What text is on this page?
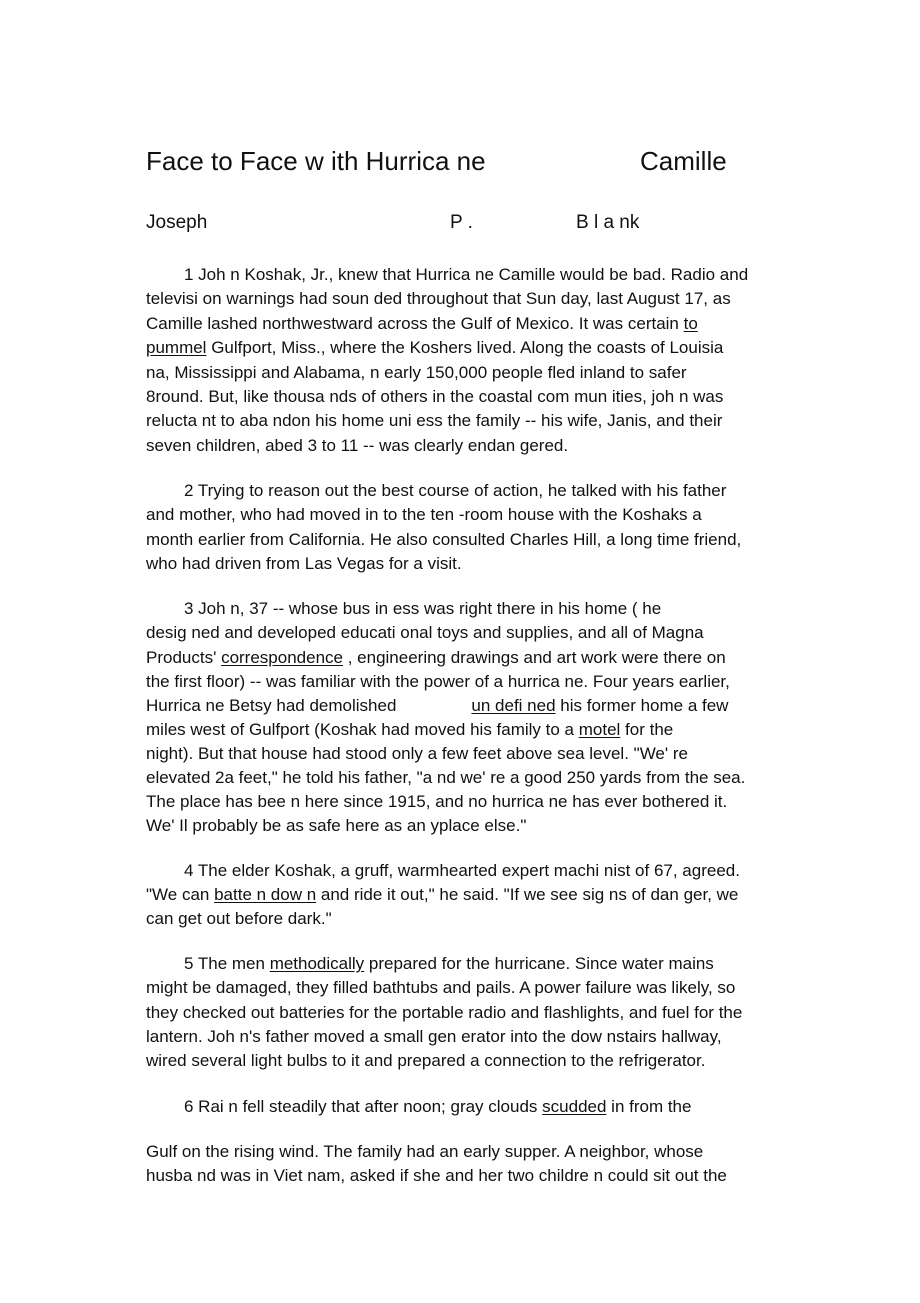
Face to Face w ith Hurrica ne	Camille
Joseph	P .	B l a nk
1 Joh n Koshak, Jr., knew that Hurrica ne Camille would be bad. Radio and
televisi on warnings had soun ded throughout that Sun day, last August 17, as
Camille lashed northwestward across the Gulf of Mexico. It was certain to
pummel Gulfport, Miss., where the Koshers lived. Along the coasts of Louisia
na, Mississippi and Alabama, n early 150,000 people fled inland to safer
8round. But, like thousa nds of others in the coastal com mun ities, joh n was
relucta nt to aba ndon his home uni ess the family -- his wife, Janis, and their
seven children, abed 3 to 11 -- was clearly endan gered.
2 Trying to reason out the best course of action, he talked with his father
and mother, who had moved in to the ten -room house with the Koshaks a
month earlier from California. He also consulted Charles Hill, a long time friend,
who had driven from Las Vegas for a visit.
3 Joh n, 37 -- whose bus in ess was right there in his home ( he
desig ned and developed educati onal toys and supplies, and all of Magna
Products' correspondence , engineering drawings and art work were there on
the first floor) -- was familiar with the power of a hurrica ne. Four years earlier,
Hurrica ne Betsy had demolished	un defi ned his former home a few
miles west of Gulfport (Koshak had moved his family to a motel for the
night). But that house had stood only a few feet above sea level. "We' re
elevated 2a feet," he told his father, "a nd we' re a good 250 yards from the sea.
The place has bee n here since 1915, and no hurrica ne has ever bothered it.
We' Il probably be as safe here as an yplace else."
4 The elder Koshak, a gruff, warmhearted expert machi nist of 67, agreed.
"We can batte n dow n and ride it out," he said. "If we see sig ns of dan ger, we
can get out before dark."
5 The men methodically prepared for the hurricane. Since water mains
might be damaged, they filled bathtubs and pails. A power failure was likely, so
they checked out batteries for the portable radio and flashlights, and fuel for the
lantern. Joh n's father moved a small gen erator into the dow nstairs hallway,
wired several light bulbs to it and prepared a connection to the refrigerator.
6 Rai n fell steadily that after noon; gray clouds scudded in from the
Gulf on the rising wind. The family had an early supper. A neighbor, whose
husba nd was in Viet nam, asked if she and her two childre n could sit out the
